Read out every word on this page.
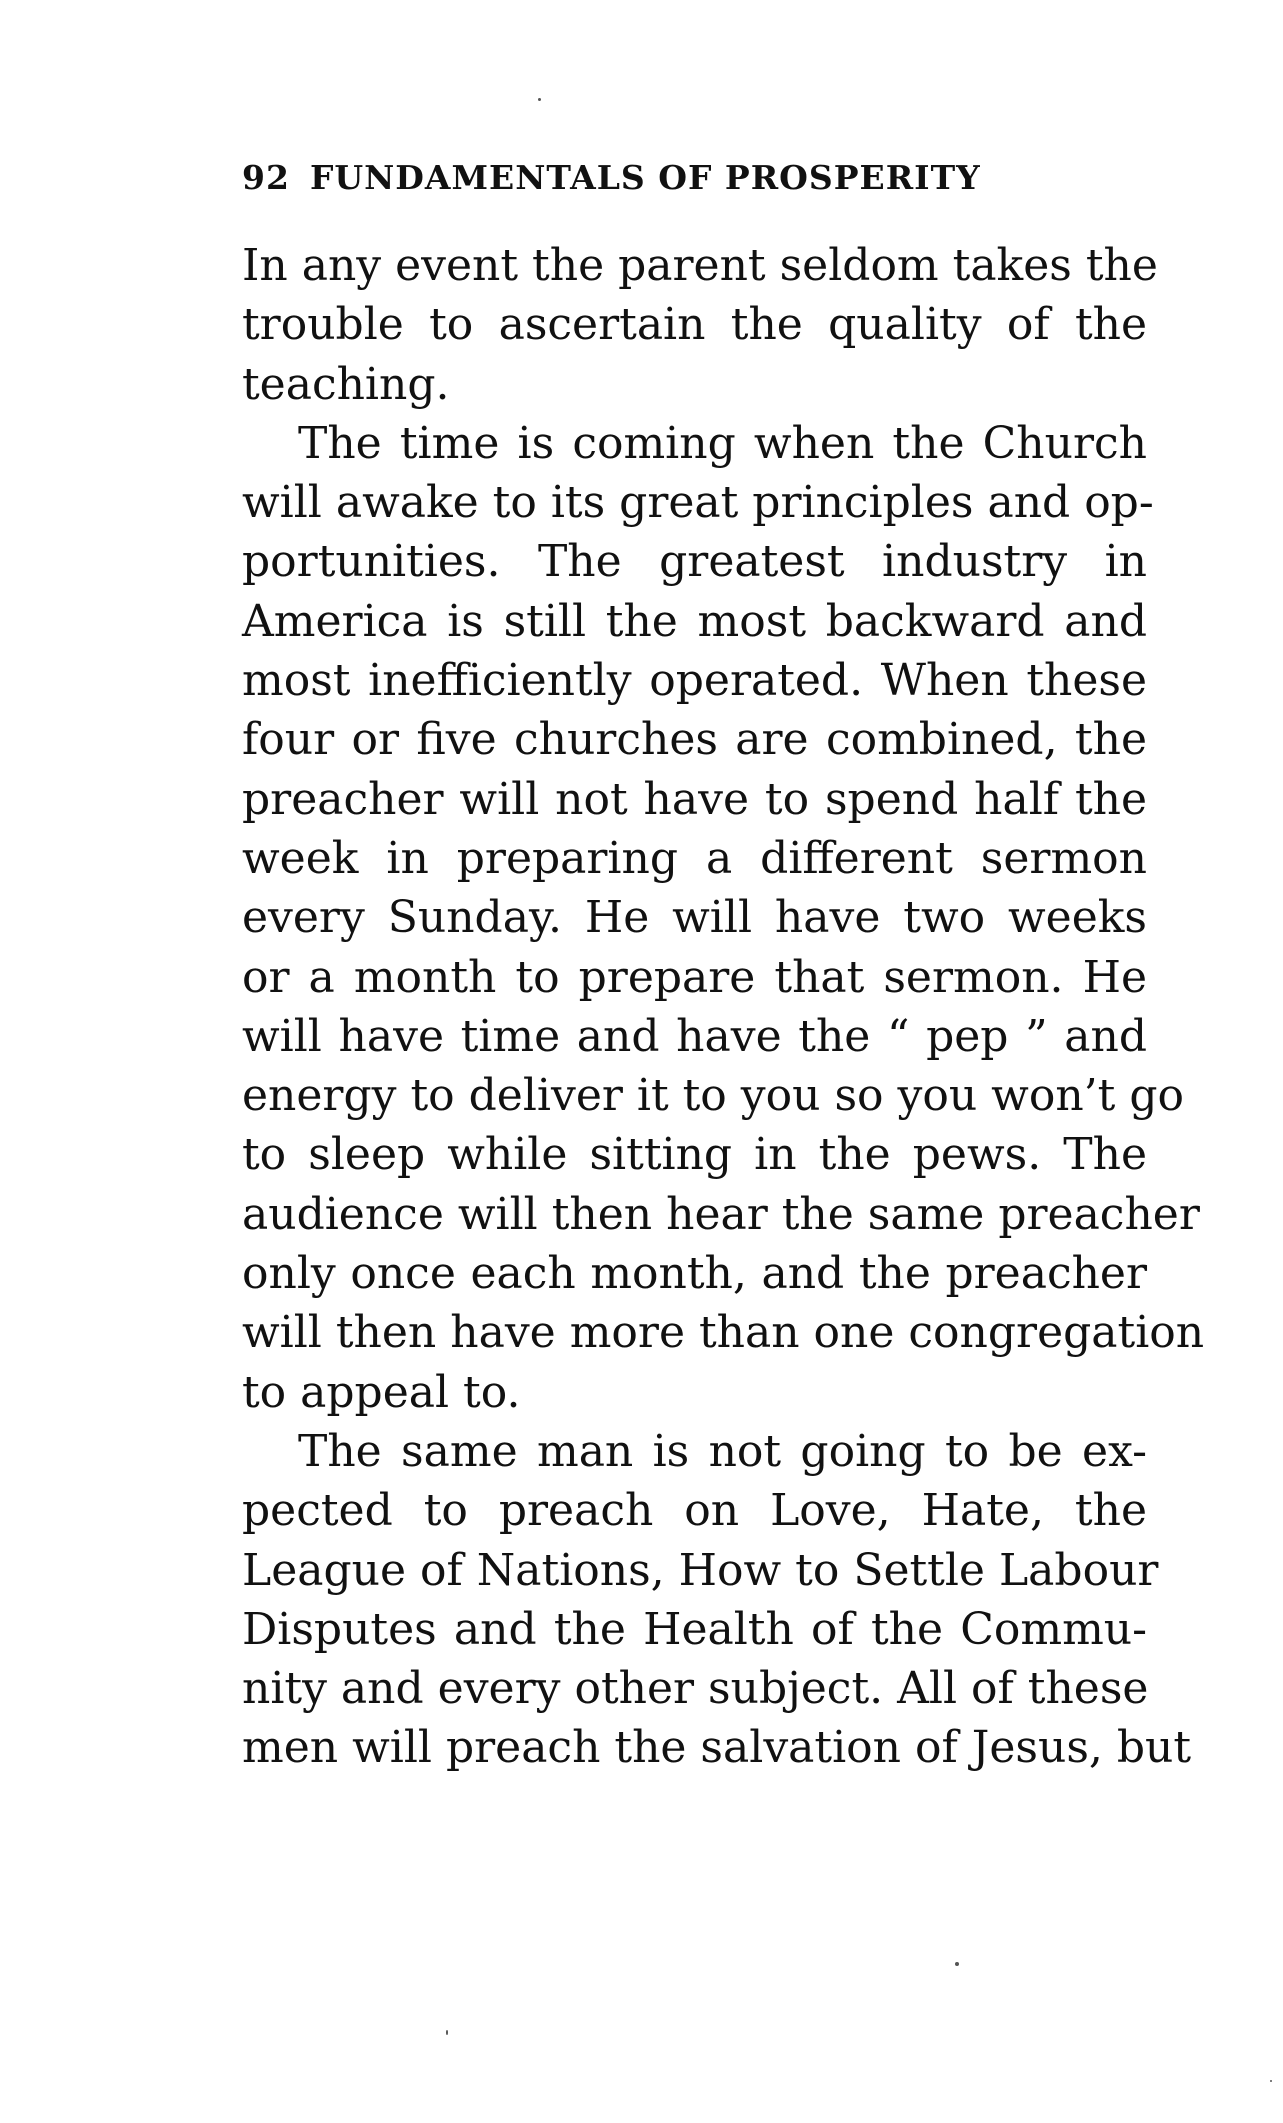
92 FUNDAMENTALS OF PROSPERITY
In any event the parent seldom takes the
trouble to ascertain the quality of the
teaching.
The time is coming when the Church
will awake to its great principles and op-
portunities. The greatest industry in
America is still the most backward and
most inefficiently operated. When these
four or five churches are combined, the
preacher will not have to spend half the
week in preparing a different sermon
every Sunday. He will have two weeks
or a month to prepare that sermon. He
will have time and have the “ pep ” and
energy to deliver it to you so you won’t go
to sleep while sitting in the pews. The
audience will then hear the same preacher
only once each month, and the preacher
will then have more than one congregation
to appeal to.
The same man is not going to be ex-
pected to preach on Love, Hate, the
League of Nations, How to Settle Labour
Disputes and the Health of the Commu-
nity and every other subject. All of these
men will preach the salvation of Jesus, but
